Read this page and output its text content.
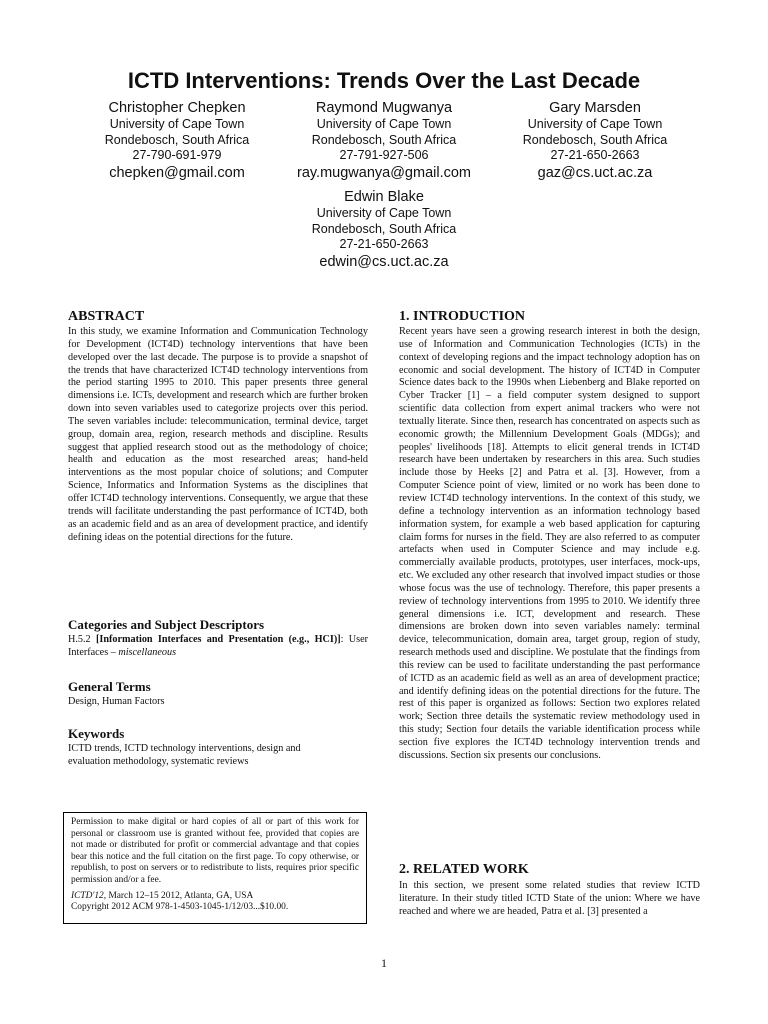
ICTD Interventions: Trends Over the Last Decade
Christopher Chepken
University of Cape Town
Rondebosch, South Africa
27-790-691-979
chepken@gmail.com
Raymond Mugwanya
University of Cape Town
Rondebosch, South Africa
27-791-927-506
ray.mugwanya@gmail.com
Gary Marsden
University of Cape Town
Rondebosch, South Africa
27-21-650-2663
gaz@cs.uct.ac.za
Edwin Blake
University of Cape Town
Rondebosch, South Africa
27-21-650-2663
edwin@cs.uct.ac.za
ABSTRACT

In this study, we examine Information and Communication Technology for Development (ICT4D) technology interventions that have been developed over the last decade. The purpose is to provide a snapshot of the trends that have characterized ICT4D technology interventions from the period starting 1995 to 2010. This paper presents three general dimensions i.e. ICTs, development and research which are further broken down into seven variables used to categorize projects over this period. The seven variables include: telecommunication, terminal device, target group, domain area, region, research methods and discipline. Results suggest that applied research stood out as the methodology of choice; health and education as the most researched areas; hand-held interventions as the most popular choice of solutions; and Computer Science, Informatics and Information Systems as the disciplines that offer ICT4D technology interventions. Consequently, we argue that these trends will facilitate understanding the past performance of ICT4D, both as an academic field and as an area of development practice, and identify defining ideas on the potential directions for the future.

Categories and Subject Descriptors

H.5.2 [Information Interfaces and Presentation (e.g., HCI)]: User Interfaces – miscellaneous

General Terms

Design, Human Factors

Keywords

ICTD trends, ICTD technology interventions, design and evaluation methodology, systematic reviews

Permission to make digital or hard copies of all or part of this work for personal or classroom use is granted without fee, provided that copies are not made or distributed for profit or commercial advantage and that copies bear this notice and the full citation on the first page. To copy otherwise, or republish, to post on servers or to redistribute to lists, requires prior specific permission and/or a fee.

ICTD'12, March 12–15 2012, Atlanta, GA, USA

Copyright 2012 ACM 978-1-4503-1045-1/12/03...$10.00.

1. INTRODUCTION

Recent years have seen a growing research interest in both the design, use of Information and Communication Technologies (ICTs) in the context of developing regions and the impact technology adoption has on economic and social development. The history of ICT4D in Computer Science dates back to the 1990s when Liebenberg and Blake reported on Cyber Tracker [1] – a field computer system designed to support scientific data collection from expert animal trackers who were not textually literate. Since then, research has concentrated on aspects such as economic growth; the Millennium Development Goals (MDGs); and peoples' livelihoods [18]. Attempts to elicit general trends in ICT4D research have been undertaken by researchers in this area. Such studies include those by Heeks [2] and Patra et al. [3]. However, from a Computer Science point of view, limited or no work has been done to review ICT4D technology interventions. In the context of this study, we define a technology intervention as an information technology based information system, for example a web based application for capturing claim forms for nurses in the field. They are also referred to as computer artefacts when used in Computer Science and may include e.g. commercially available products, prototypes, user interfaces, mock-ups, etc. We excluded any other research that involved impact studies or those whose focus was the use of technology. Therefore, this paper presents a review of technology interventions from 1995 to 2010. We identify three general dimensions i.e. ICT, development and research. These dimensions are broken down into seven variables namely: terminal device, telecommunication, domain area, target group, region of study, research methods used and discipline. We postulate that the findings from this review can be used to facilitate understanding the past performance of ICTD as an academic field as well as an area of development practice; and identify defining ideas on the potential directions for the future. The rest of this paper is organized as follows: Section two explores related work; Section three details the systematic review methodology used in this study; Section four details the variable identification process while section five explores the ICT4D technology intervention trends and discussions. Section six presents our conclusions.

2. RELATED WORK

In this section, we present some related studies that review ICTD literature. In their study titled ICTD State of the union: Where we have reached and where we are headed, Patra et al. [3] presented a

1
